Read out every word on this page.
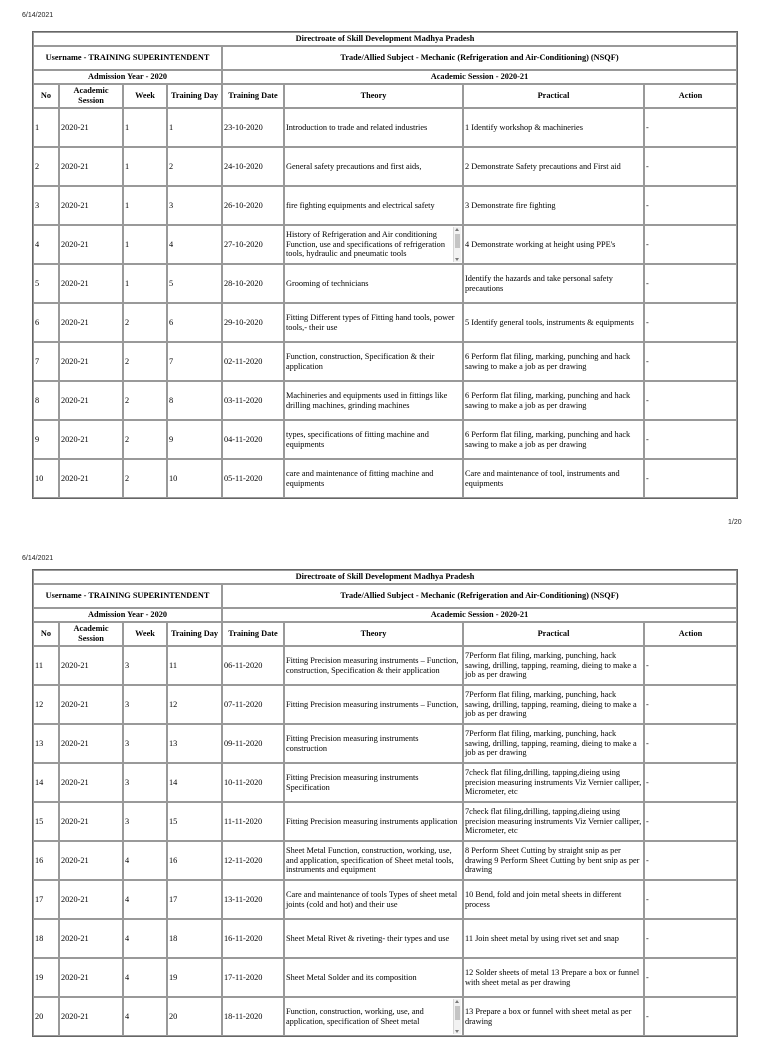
6/14/2021
Directroate of Skill Development Madhya Pradesh							
Username - TRAINING SUPERINTENDENT				Trade/Allied Subject - Mechanic (Refrigeration and Air-Conditioning) (NSQF)			
Admission Year - 2020				Academic Session - 2020-21			
No	Academic Session	Week	Training Day	Training Date	Theory	Practical	Action
1	2020-21	1	1	23-10-2020	Introduction to trade and related industries	1 Identify workshop & machineries	-
2	2020-21	1	2	24-10-2020	General safety precautions and first aids,	2 Demonstrate Safety precautions and First aid	-
3	2020-21	1	3	26-10-2020	fire fighting equipments and electrical safety	3 Demonstrate fire fighting	-
4	2020-21	1	4	27-10-2020	History of Refrigeration and Air conditioning Function, use and specifications of refrigeration tools, hydraulic and pneumatic tools	4 Demonstrate working at height using PPE's	-
5	2020-21	1	5	28-10-2020	Grooming of technicians	Identify the hazards and take personal safety precautions	-
6	2020-21	2	6	29-10-2020	Fitting Different types of Fitting hand tools, power tools,- their use	5 Identify general tools, instruments & equipments	-
7	2020-21	2	7	02-11-2020	Function, construction, Specification & their application	6 Perform flat filing, marking, punching and hack sawing to make a job as per drawing	-
8	2020-21	2	8	03-11-2020	Machineries and equipments used in fittings like drilling machines, grinding machines	6 Perform flat filing, marking, punching and hack sawing to make a job as per drawing	-
9	2020-21	2	9	04-11-2020	types, specifications of fitting machine and equipments	6 Perform flat filing, marking, punching and hack sawing to make a job as per drawing	-
10	2020-21	2	10	05-11-2020	care and maintenance of fitting machine and equipments	Care and maintenance of tool, instruments and equipments	-
1/20
6/14/2021
Directroate of Skill Development Madhya Pradesh							
Username - TRAINING SUPERINTENDENT				Trade/Allied Subject - Mechanic (Refrigeration and Air-Conditioning) (NSQF)			
Admission Year - 2020				Academic Session - 2020-21			
No	Academic Session	Week	Training Day	Training Date	Theory	Practical	Action
11	2020-21	3	11	06-11-2020	Fitting Precision measuring instruments – Function, construction, Specification & their application	7Perform flat filing, marking, punching, hack sawing, drilling, tapping, reaming, dieing to make a job as per drawing	-
12	2020-21	3	12	07-11-2020	Fitting Precision measuring instruments – Function,	7Perform flat filing, marking, punching, hack sawing, drilling, tapping, reaming, dieing to make a job as per drawing	-
13	2020-21	3	13	09-11-2020	Fitting Precision measuring instruments construction	7Perform flat filing, marking, punching, hack sawing, drilling, tapping, reaming, dieing to make a job as per drawing	-
14	2020-21	3	14	10-11-2020	Fitting Precision measuring instruments Specification	7check flat filing,drilling, tapping,dieing using precision measuring instruments Viz Vernier calliper, Micrometer, etc	-
15	2020-21	3	15	11-11-2020	Fitting Precision measuring instruments application	7check flat filing,drilling, tapping,dieing using precision measuring instruments Viz Vernier calliper, Micrometer, etc	-
16	2020-21	4	16	12-11-2020	Sheet Metal Function, construction, working, use, and application, specification of Sheet metal tools, instruments and equipment	8 Perform Sheet Cutting by straight snip as per drawing 9 Perform Sheet Cutting by bent snip as per drawing	-
17	2020-21	4	17	13-11-2020	Care and maintenance of tools Types of sheet metal joints (cold and hot) and their use	10 Bend, fold and join metal sheets in different process	-
18	2020-21	4	18	16-11-2020	Sheet Metal Rivet & riveting- their types and use	11 Join sheet metal by using rivet set and snap	-
19	2020-21	4	19	17-11-2020	Sheet Metal Solder and its composition	12 Solder sheets of metal 13 Prepare a box or funnel with sheet metal as per drawing	-
20	2020-21	4	20	18-11-2020	Function, construction, working, use, and application, specification of Sheet metal	13 Prepare a box or funnel with sheet metal as per drawing	-
